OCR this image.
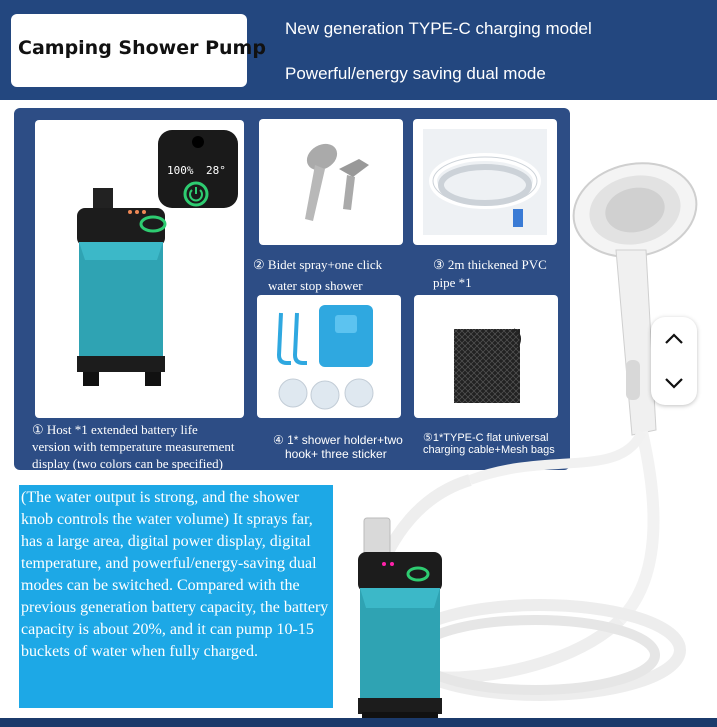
Camping Shower Pump
New generation TYPE-C charging model
Powerful/energy saving dual mode
100% 28°
① Host *1 extended battery life
version with temperature measurement
display (two colors can be specified)
② Bidet spray+one click
water stop shower
③ 2m thickened PVC
pipe *1
④ 1* shower holder+two
hook+ three sticker
⑤1*TYPE-C flat universal
charging cable+Mesh bags
(The water output is strong, and the shower knob controls the water volume) It sprays far, has a large area, digital power display, digital temperature, and powerful/energy-saving dual modes can be switched. Compared with the previous generation battery capacity, the battery capacity is about 20%, and it can pump 10-15 buckets of water when fully charged.
